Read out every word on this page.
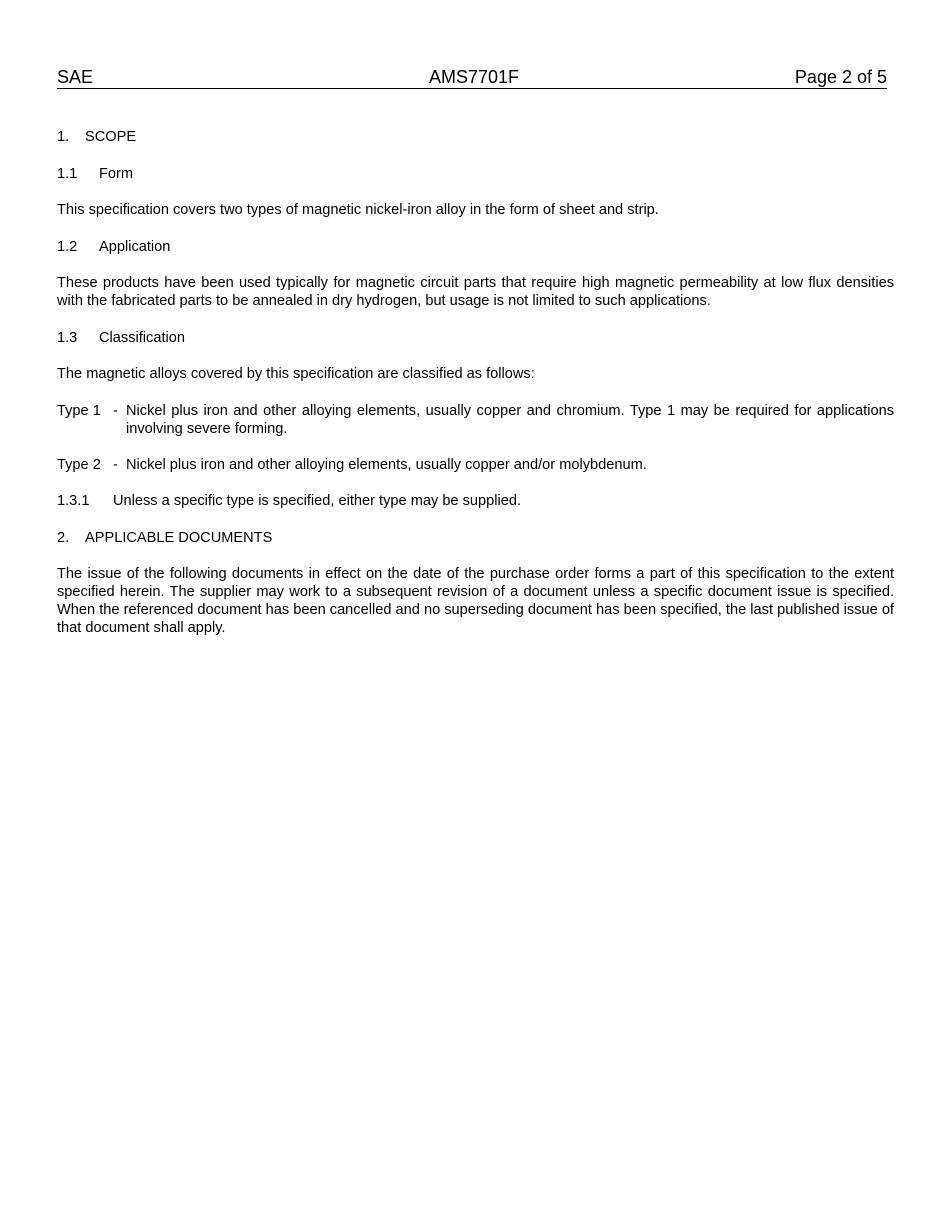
SAE	AMS7701F	Page 2 of 5
1. SCOPE
1.1 Form
This specification covers two types of magnetic nickel-iron alloy in the form of sheet and strip.
1.2 Application
These products have been used typically for magnetic circuit parts that require high magnetic permeability at low flux densities with the fabricated parts to be annealed in dry hydrogen, but usage is not limited to such applications.
1.3 Classification
The magnetic alloys covered by this specification are classified as follows:
Type 1 - Nickel plus iron and other alloying elements, usually copper and chromium. Type 1 may be required for applications involving severe forming.
Type 2 - Nickel plus iron and other alloying elements, usually copper and/or molybdenum.
1.3.1 Unless a specific type is specified, either type may be supplied.
2. APPLICABLE DOCUMENTS
The issue of the following documents in effect on the date of the purchase order forms a part of this specification to the extent specified herein. The supplier may work to a subsequent revision of a document unless a specific document issue is specified. When the referenced document has been cancelled and no superseding document has been specified, the last published issue of that document shall apply.
